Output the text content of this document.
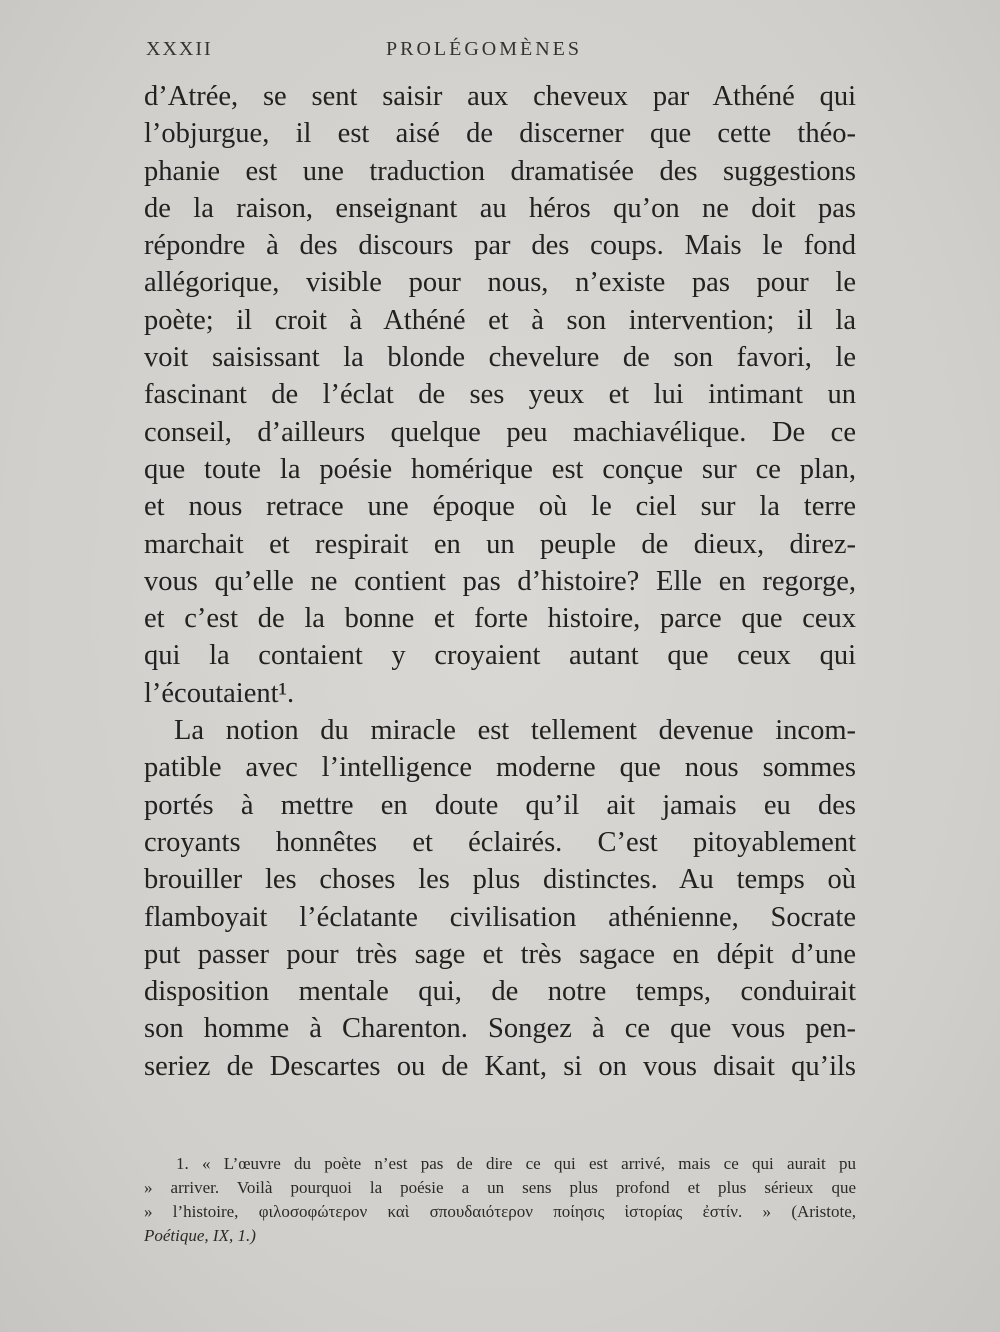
XXXII	PROLÉGOMÈNES
d’Atrée, se sent saisir aux cheveux par Athéné qui
l’objurgue, il est aisé de discerner que cette théo-
phanie est une traduction dramatisée des suggestions
de la raison, enseignant au héros qu’on ne doit pas
répondre à des discours par des coups. Mais le fond
allégorique, visible pour nous, n’existe pas pour le
poète; il croit à Athéné et à son intervention; il la
voit saisissant la blonde chevelure de son favori, le
fascinant de l’éclat de ses yeux et lui intimant un
conseil, d’ailleurs quelque peu machiavélique. De ce
que toute la poésie homérique est conçue sur ce plan,
et nous retrace une époque où le ciel sur la terre
marchait et respirait en un peuple de dieux, direz-
vous qu’elle ne contient pas d’histoire? Elle en regorge,
et c’est de la bonne et forte histoire, parce que ceux
qui la contaient y croyaient autant que ceux qui
l’écoutaient¹.
La notion du miracle est tellement devenue incom-
patible avec l’intelligence moderne que nous sommes
portés à mettre en doute qu’il ait jamais eu des
croyants honnêtes et éclairés. C’est pitoyablement
brouiller les choses les plus distinctes. Au temps où
flamboyait l’éclatante civilisation athénienne, Socrate
put passer pour très sage et très sagace en dépit d’une
disposition mentale qui, de notre temps, conduirait
son homme à Charenton. Songez à ce que vous pen-
seriez de Descartes ou de Kant, si on vous disait qu’ils
1. « L’œuvre du poète n’est pas de dire ce qui est arrivé, mais ce qui aurait pu
» arriver. Voilà pourquoi la poésie a un sens plus profond et plus sérieux que
» l’histoire, φιλοσοφώτερον καὶ σπουδαιότερον ποίησις ἱστορίας ἐστίν. » (Aristote,
Poétique, IX, 1.)
